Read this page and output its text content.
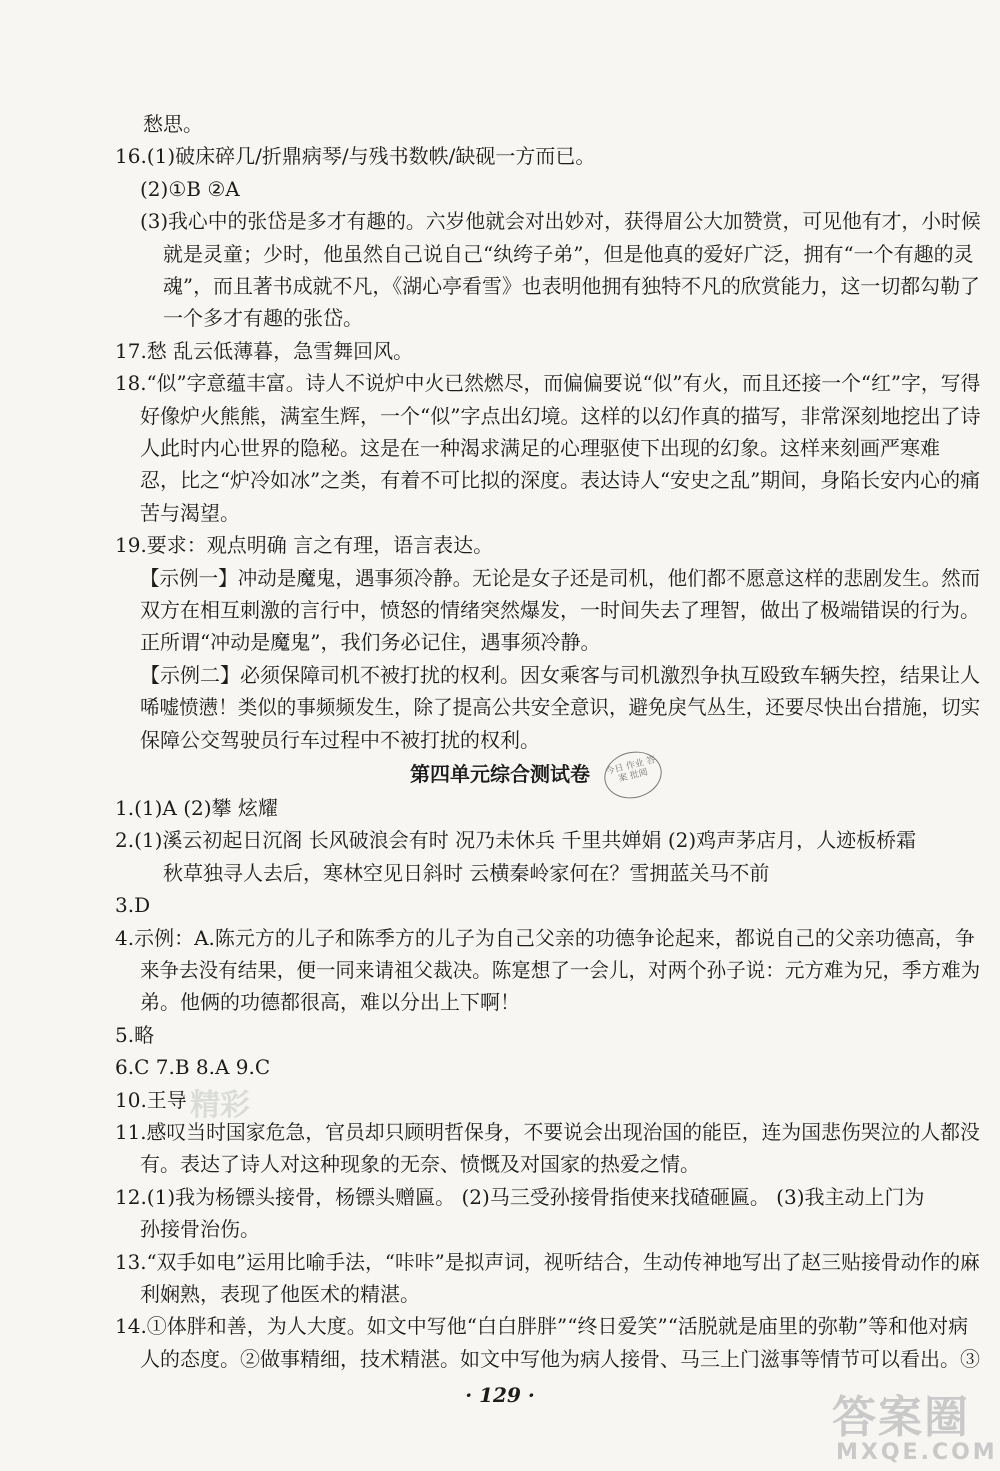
愁思。
16.(1)破床碎几/折鼎病琴/与残书数帙/缺砚一方而已。
(2)①B ②A
(3)我心中的张岱是多才有趣的。六岁他就会对出妙对，获得眉公大加赞赏，可见他有才，小时候
就是灵童；少时，他虽然自己说自己“纨绔子弟”，但是他真的爱好广泛，拥有“一个有趣的灵
魂”，而且著书成就不凡，《湖心亭看雪》也表明他拥有独特不凡的欣赏能力，这一切都勾勒了
一个多才有趣的张岱。
17.愁 乱云低薄暮，急雪舞回风。
18.“似”字意蕴丰富。诗人不说炉中火已然燃尽，而偏偏要说“似”有火，而且还接一个“红”字，写得
好像炉火熊熊，满室生辉，一个“似”字点出幻境。这样的以幻作真的描写，非常深刻地挖出了诗
人此时内心世界的隐秘。这是在一种渴求满足的心理驱使下出现的幻象。这样来刻画严寒难
忍，比之“炉冷如冰”之类，有着不可比拟的深度。表达诗人“安史之乱”期间，身陷长安内心的痛
苦与渴望。
19.要求：观点明确 言之有理，语言表达。
【示例一】冲动是魔鬼，遇事须冷静。无论是女子还是司机，他们都不愿意这样的悲剧发生。然而
双方在相互刺激的言行中，愤怒的情绪突然爆发，一时间失去了理智，做出了极端错误的行为。
正所谓“冲动是魔鬼”，我们务必记住，遇事须冷静。
【示例二】必须保障司机不被打扰的权利。因女乘客与司机激烈争执互殴致车辆失控，结果让人
唏嘘愤懑！类似的事频频发生，除了提高公共安全意识，避免戾气丛生，还要尽快出台措施，切实
保障公交驾驶员行车过程中不被打扰的权利。
第四单元综合测试卷	今日 作业 答案 批阅
1.(1)A (2)攀 炫耀
2.(1)溪云初起日沉阁 长风破浪会有时 况乃未休兵 千里共婵娟 (2)鸡声茅店月，人迹板桥霜
秋草独寻人去后，寒林空见日斜时 云横秦岭家何在？雪拥蓝关马不前
3.D
4.示例：A.陈元方的儿子和陈季方的儿子为自己父亲的功德争论起来，都说自己的父亲功德高，争
来争去没有结果，便一同来请祖父裁决。陈寔想了一会儿，对两个孙子说：元方难为兄，季方难为
弟。他俩的功德都很高，难以分出上下啊！
5.略
6.C 7.B 8.A 9.C
10.王导 精彩
11.感叹当时国家危急，官员却只顾明哲保身，不要说会出现治国的能臣，连为国悲伤哭泣的人都没
有。表达了诗人对这种现象的无奈、愤慨及对国家的热爱之情。
12.(1)我为杨镖头接骨，杨镖头赠匾。 (2)马三受孙接骨指使来找碴砸匾。 (3)我主动上门为
孙接骨治伤。
13.“双手如电”运用比喻手法，“咔咔”是拟声词，视听结合，生动传神地写出了赵三贴接骨动作的麻
利娴熟，表现了他医术的精湛。
14.①体胖和善，为人大度。如文中写他“白白胖胖”“终日爱笑”“活脱就是庙里的弥勒”等和他对病
人的态度。②做事精细，技术精湛。如文中写他为病人接骨、马三上门滋事等情节可以看出。③
· 129 ·	答案圈
MXQE.COM
